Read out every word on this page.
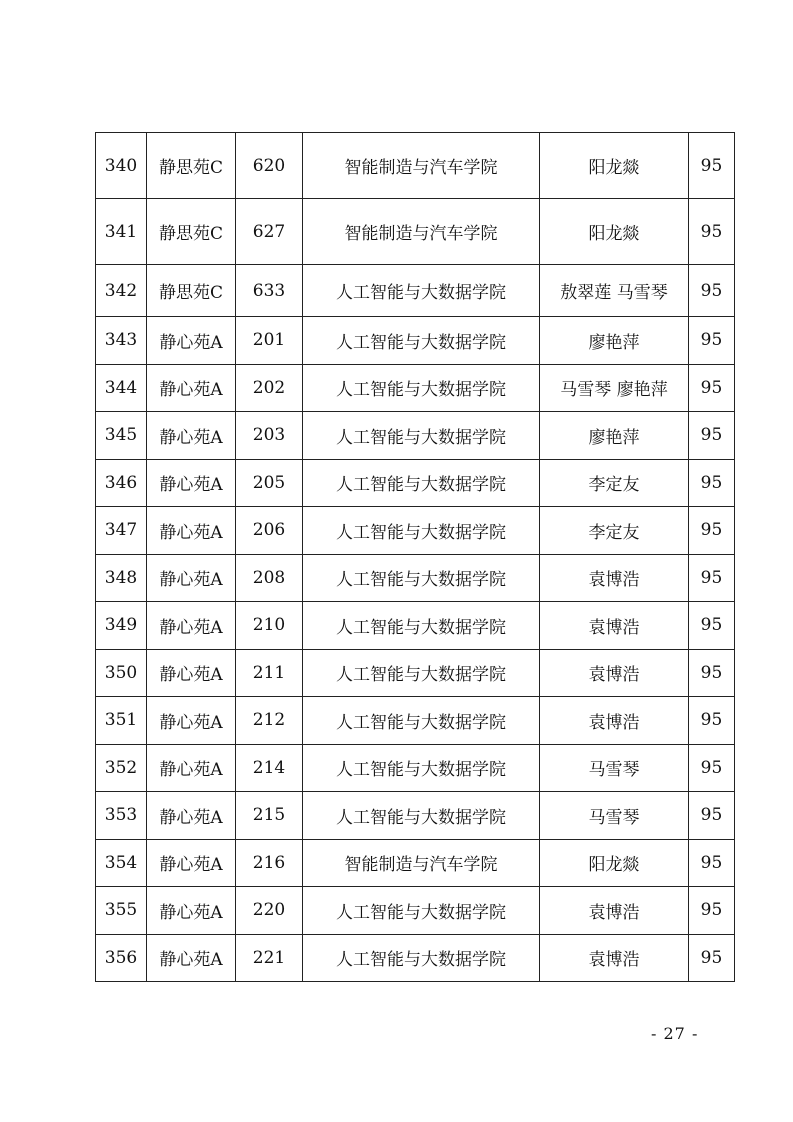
340	静思苑C	620	智能制造与汽车学院	阳龙燚	95
341	静思苑C	627	智能制造与汽车学院	阳龙燚	95
342	静思苑C	633	人工智能与大数据学院	敖翠莲 马雪琴	95
343	静心苑A	201	人工智能与大数据学院	廖艳萍	95
344	静心苑A	202	人工智能与大数据学院	马雪琴 廖艳萍	95
345	静心苑A	203	人工智能与大数据学院	廖艳萍	95
346	静心苑A	205	人工智能与大数据学院	李定友	95
347	静心苑A	206	人工智能与大数据学院	李定友	95
348	静心苑A	208	人工智能与大数据学院	袁博浩	95
349	静心苑A	210	人工智能与大数据学院	袁博浩	95
350	静心苑A	211	人工智能与大数据学院	袁博浩	95
351	静心苑A	212	人工智能与大数据学院	袁博浩	95
352	静心苑A	214	人工智能与大数据学院	马雪琴	95
353	静心苑A	215	人工智能与大数据学院	马雪琴	95
354	静心苑A	216	智能制造与汽车学院	阳龙燚	95
355	静心苑A	220	人工智能与大数据学院	袁博浩	95
356	静心苑A	221	人工智能与大数据学院	袁博浩	95
- 27 -
